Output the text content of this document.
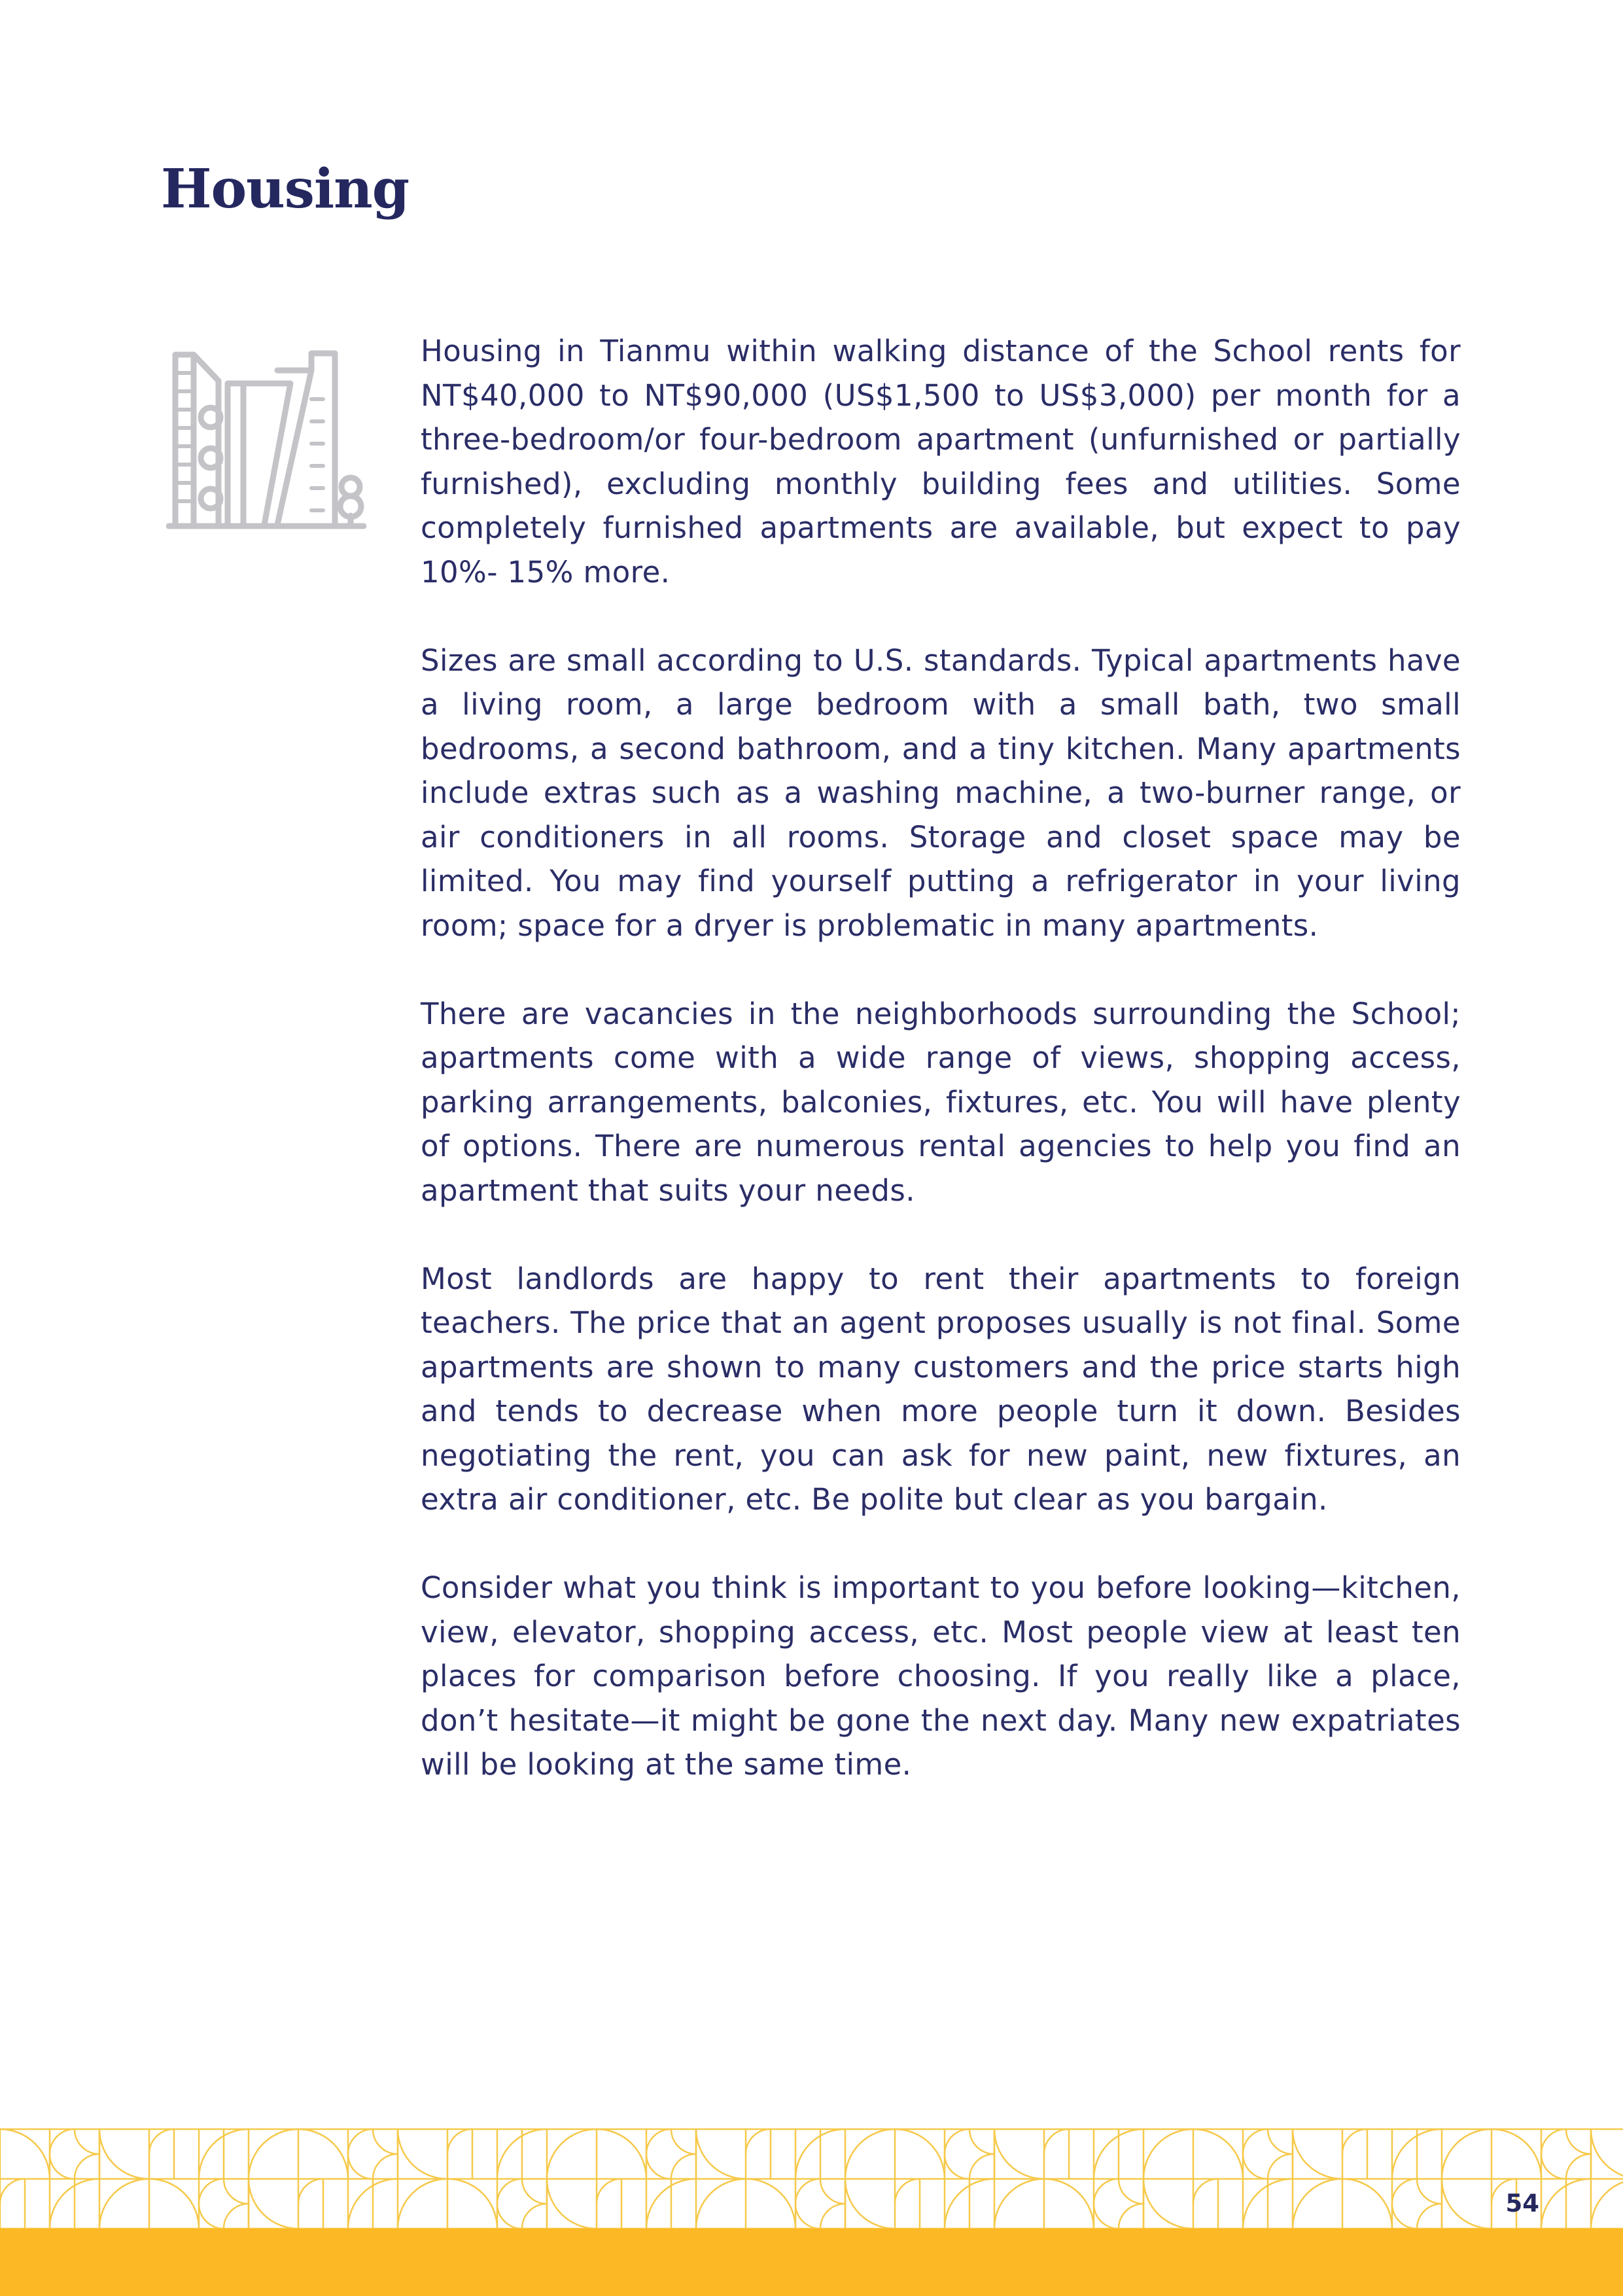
Housing

Housing in Tianmu within walking distance of the School rents for NT$40,000 to NT$90,000 (US$1,500 to US$3,000) per month for a three-bedroom/or four-bedroom apartment (unfurnished or partially furnished), excluding monthly building fees and utilities. Some completely furnished apartments are available, but expect to pay 10%- 15% more.

Sizes are small according to U.S. standards. Typical apartments have a living room, a large bedroom with a small bath, two small bedrooms, a second bathroom, and a tiny kitchen. Many apartments include extras such as a washing machine, a two-burner range, or air conditioners in all rooms. Storage and closet space may be limited. You may find yourself putting a refrigerator in your living room; space for a dryer is problematic in many apartments.

There are vacancies in the neighborhoods surrounding the School; apartments come with a wide range of views, shopping access, parking arrangements, balconies, fixtures, etc. You will have plenty of options. There are numerous rental agencies to help you find an apartment that suits your needs.

Most landlords are happy to rent their apartments to foreign teachers. The price that an agent proposes usually is not final. Some apartments are shown to many customers and the price starts high and tends to decrease when more people turn it down. Besides negotiating the rent, you can ask for new paint, new fixtures, an extra air conditioner, etc. Be polite but clear as you bargain.

Consider what you think is important to you before looking—kitchen, view, elevator, shopping access, etc. Most people view at least ten places for comparison before choosing. If you really like a place, don’t hesitate—it might be gone the next day. Many new expatriates will be looking at the same time.

54
